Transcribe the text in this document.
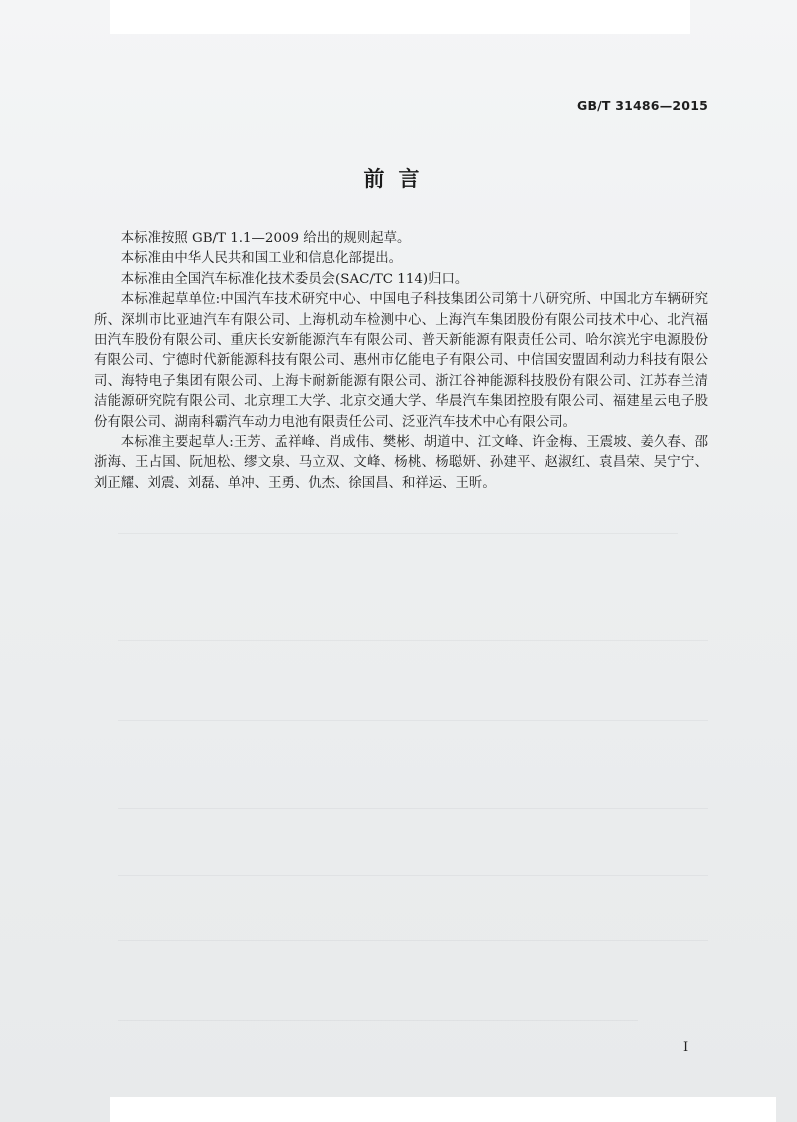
GB/T 31486—2015
前言

本标准按照 GB/T 1.1—2009 给出的规则起草。

本标准由中华人民共和国工业和信息化部提出。

本标准由全国汽车标准化技术委员会(SAC/TC 114)归口。

本标准起草单位:中国汽车技术研究中心、中国电子科技集团公司第十八研究所、中国北方车辆研究所、深圳市比亚迪汽车有限公司、上海机动车检测中心、上海汽车集团股份有限公司技术中心、北汽福田汽车股份有限公司、重庆长安新能源汽车有限公司、普天新能源有限责任公司、哈尔滨光宇电源股份有限公司、宁德时代新能源科技有限公司、惠州市亿能电子有限公司、中信国安盟固利动力科技有限公司、海特电子集团有限公司、上海卡耐新能源有限公司、浙江谷神能源科技股份有限公司、江苏春兰清洁能源研究院有限公司、北京理工大学、北京交通大学、华晨汽车集团控股有限公司、福建星云电子股份有限公司、湖南科霸汽车动力电池有限责任公司、泛亚汽车技术中心有限公司。

本标准主要起草人:王芳、孟祥峰、肖成伟、樊彬、胡道中、江文峰、许金梅、王震坡、姜久春、邵浙海、王占国、阮旭松、缪文泉、马立双、文峰、杨桃、杨聪妍、孙建平、赵淑红、袁昌荣、吴宁宁、刘正耀、刘震、刘磊、单冲、王勇、仇杰、徐国昌、和祥运、王昕。

I
